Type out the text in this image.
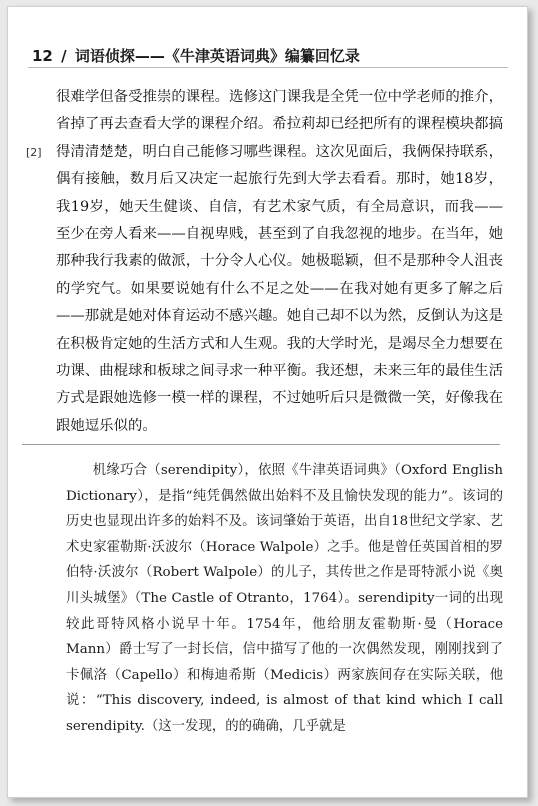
12 / 词语侦探——《牛津英语词典》编纂回忆录

很难学但备受推崇的课程。选修这门课我是全凭一位中学老师的推介，省掉了再去查看大学的课程介绍。希拉莉却已经把所有的课程模块都搞得清清楚楚，明白自己能修习哪些课程。这次见面后，我俩保持联系，偶有接触，数月后又决定一起旅行先到大学去看看。那时，她18岁，我19岁，她天生健谈、自信，有艺术家气质，有全局意识，而我——至少在旁人看来——自视卑贱，甚至到了自我忽视的地步。在当年，她那种我行我素的做派，十分令人心仪。她极聪颖，但不是那种令人沮丧的学究气。如果要说她有什么不足之处——在我对她有更多了解之后——那就是她对体育运动不感兴趣。她自己却不以为然，反倒认为这是在积极肯定她的生活方式和人生观。我的大学时光，是竭尽全力想要在功课、曲棍球和板球之间寻求一种平衡。我还想，未来三年的最佳生活方式是跟她选修一模一样的课程，不过她听后只是微微一笑，好像我在跟她逗乐似的。

[2]

机缘巧合（serendipity），依照《牛津英语词典》（Oxford English Dictionary），是指“纯凭偶然做出始料不及且愉快发现的能力”。该词的历史也显现出许多的始料不及。该词肇始于英语，出自18世纪文学家、艺术史家霍勒斯·沃波尔（Horace Walpole）之手。他是曾任英国首相的罗伯特·沃波尔（Robert Walpole）的儿子，其传世之作是哥特派小说《奥川头城堡》（The Castle of Otranto，1764）。serendipity一词的出现较此哥特风格小说早十年。1754年，他给朋友霍勒斯·曼（Horace Mann）爵士写了一封长信，信中描写了他的一次偶然发现，刚刚找到了卡佩洛（Capello）和梅迪希斯（Medicis）两家族间存在实际关联，他说：“This discovery, indeed, is almost of that kind which I call serendipity.（这一发现，的的确确，几乎就是
